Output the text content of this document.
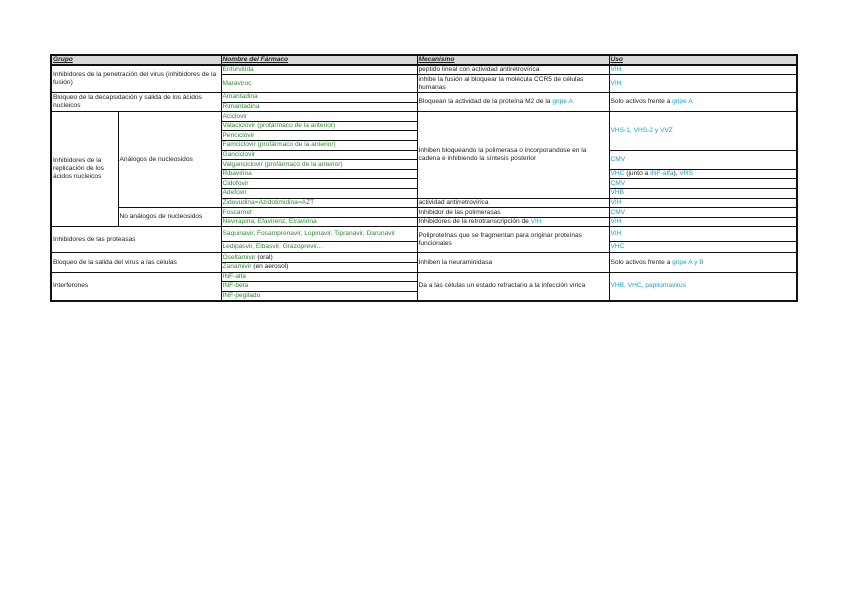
Grupo		Nombre del Fármaco	Mecanismo	Uso
Inhibidores de la penetración del virus (inhibidores de la fusión)		Enfurvitida	peptido lineal con actividad antiretrovírica	VIH
		Maraviroc	inhibe la fusión al bloquear la molécula CCR5 de células humanas	VIH
Bloqueo de la decapsidación y salida de los ácidos nucleicos		Amantadina	Bloquean la actividad de la proteína M2 de la gripe A	Solo activos frente a gripe A
		Rimantadina		
Inhibidores de la replicación de los ácidos nucleicos	Análogos de nucleosidos	Aciclovir	Inhiben bloqueando la polimerasa o incorporandose en la cadena e inhibiendo la síntesis posterior	VHS-1, VHS-2 y VVZ
		Valaciclovir (profármaco de la anterior)		
		Penciclovir		
		Famciclovir (profármaco de la anterior)		
		Ganciclovir		CMV
		Valganciclovir (profármaco de la anterior)		
		Ribavirina		VHC (junto a INF-alfa), VRS
		Cidofovir		CMV
		Adefovir		VHB
		Zidovudina=Azidotimidina=AZT	actividad antirretrovírica	VIH
	No análogos de nucleosidos	Foscarnet	Inhibidor de las polimerasas	CMV
		Nevirapina, Efavirenz, Etravirina	Inhibidores de la retrotranscripción de VIH	VIH
Inhibidores de las proteasas		Saquinavir, Fosamprenavir, Lopinavir, Tipranavir, Darunavir	Poliproteínas que se fragmentan para originar proteínas funcionales	VIH
		Ledipasvir, Elbasvir, Grazoprevir...		VHC
Bloqueo de la salida del virus a las células		Oseltamivir (oral)	Inhiben la neuraminidasa	Solo activos frente a gripe A y B
		Zanamivir (en aerosol)		
Interferones		INF-alfa	Da a las células un estado refractario a la infección vírica	VHB, VHC, papilomavirus
		INF-beta		
		INF-pegilado		
